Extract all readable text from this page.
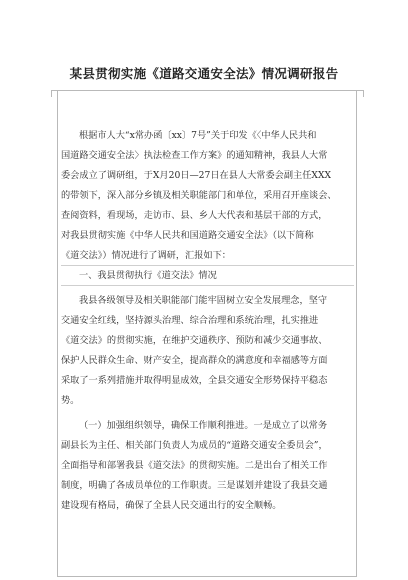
某县贯彻实施《道路交通安全法》情况调研报告
根据市人大“x常办函〔xx〕7号”关于印发《〈中华人民共和
国道路交通安全法〉执法检查工作方案》的通知精神，我县人大常
委会成立了调研组，于X月20日—27日在县人大常委会副主任XXX
的带领下，深入部分乡镇及相关职能部门和单位，采用召开座谈会、
查阅资料，看现场，走访市、县、乡人大代表和基层干部的方式，
对我县贯彻实施《中华人民共和国道路交通安全法》（以下简称
《道交法》）情况进行了调研，汇报如下：
一、我县贯彻执行《道交法》情况
我县各级领导及相关职能部门能牢固树立安全发展理念，坚守
交通安全红线，坚持源头治理、综合治理和系统治理，扎实推进
《道交法》的贯彻实施，在维护交通秩序、预防和减少交通事故、
保护人民群众生命、财产安全，提高群众的满意度和幸福感等方面
采取了一系列措施并取得明显成效，全县交通安全形势保持平稳态
势。
（一）加强组织领导，确保工作顺利推进。一是成立了以常务
副县长为主任、相关部门负责人为成员的“道路交通安全委员会”，
全面指导和部署我县《道交法》的贯彻实施。二是出台了相关工作
制度，明确了各成员单位的工作职责。三是谋划并建设了我县交通
建设现有格局，确保了全县人民交通出行的安全顺畅。
